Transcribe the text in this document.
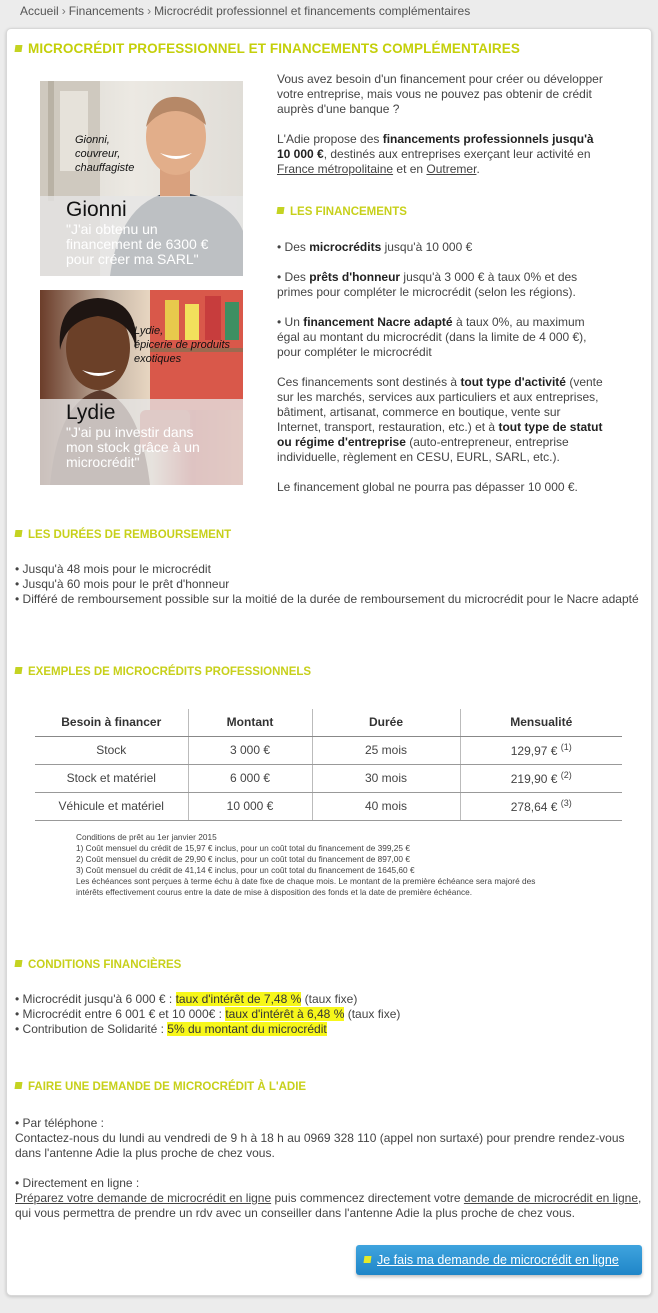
Accueil › Financements › Microcrédit professionnel et financements complémentaires
MICROCRÉDIT PROFESSIONNEL ET FINANCEMENTS COMPLÉMENTAIRES
Gionni,
couvreur,
chauffagiste
Gionni
"J'ai obtenu un
financement de 6300 €
pour créer ma SARL"
Lydie,
épicerie de produits
exotiques
Lydie
"J'ai pu investir dans
mon stock grâce à un
microcrédit"

Vous avez besoin d'un financement pour créer ou développer votre entreprise, mais vous ne pouvez pas obtenir de crédit auprès d'une banque ?

L'Adie propose des financements professionnels jusqu'à 10 000 €, destinés aux entreprises exerçant leur activité en France métropolitaine et en Outremer.

LES FINANCEMENTS

• Des microcrédits jusqu'à 10 000 €

• Des prêts d'honneur jusqu'à 3 000 € à taux 0% et des primes pour compléter le microcrédit (selon les régions).

• Un financement Nacre adapté à taux 0%, au maximum égal au montant du microcrédit (dans la limite de 4 000 €), pour compléter le microcrédit

Ces financements sont destinés à tout type d'activité (vente sur les marchés, services aux particuliers et aux entreprises, bâtiment, artisanat, commerce en boutique, vente sur Internet, transport, restauration, etc.) et à tout type de statut ou régime d'entreprise (auto-entrepreneur, entreprise individuelle, règlement en CESU, EURL, SARL, etc.).

Le financement global ne pourra pas dépasser 10 000 €.

LES DURÉES DE REMBOURSEMENT
• Jusqu'à 48 mois pour le microcrédit
• Jusqu'à 60 mois pour le prêt d'honneur
• Différé de remboursement possible sur la moitié de la durée de remboursement du microcrédit pour le Nacre adapté
EXEMPLES DE MICROCRÉDITS PROFESSIONNELS
Besoin à financer	Montant	Durée	Mensualité
Stock	3 000 €	25 mois	129,97 € $^{(1)}$
Stock et matériel	6 000 €	30 mois	219,90 € $^{(2)}$
Véhicule et matériel	10 000 €	40 mois	278,64 € $^{(3)}$
Conditions de prêt au 1er janvier 2015
1) Coût mensuel du crédit de 15,97 € inclus, pour un coût total du financement de 399,25 €
2) Coût mensuel du crédit de 29,90 € inclus, pour un coût total du financement de 897,00 €
3) Coût mensuel du crédit de 41,14 € inclus, pour un coût total du financement de 1645,60 €
Les échéances sont perçues à terme échu à date fixe de chaque mois. Le montant de la première échéance sera majoré des intérêts effectivement courus entre la date de mise à disposition des fonds et la date de première échéance.
CONDITIONS FINANCIÈRES
• Microcrédit jusqu'à 6 000 € : taux d'intérêt de 7,48 % (taux fixe)
• Microcrédit entre 6 001 € et 10 000€ : taux d'intérêt à 6,48 % (taux fixe)
• Contribution de Solidarité : 5% du montant du microcrédit
FAIRE UNE DEMANDE DE MICROCRÉDIT À L'ADIE
• Par téléphone :
Contactez-nous du lundi au vendredi de 9 h à 18 h au 0969 328 110 (appel non surtaxé) pour prendre rendez-vous dans l'antenne Adie la plus proche de chez vous.
• Directement en ligne :
Préparez votre demande de microcrédit en ligne puis commencez directement votre demande de microcrédit en ligne, qui vous permettra de prendre un rdv avec un conseiller dans l'antenne Adie la plus proche de chez vous.
Je fais ma demande de microcrédit en ligne
